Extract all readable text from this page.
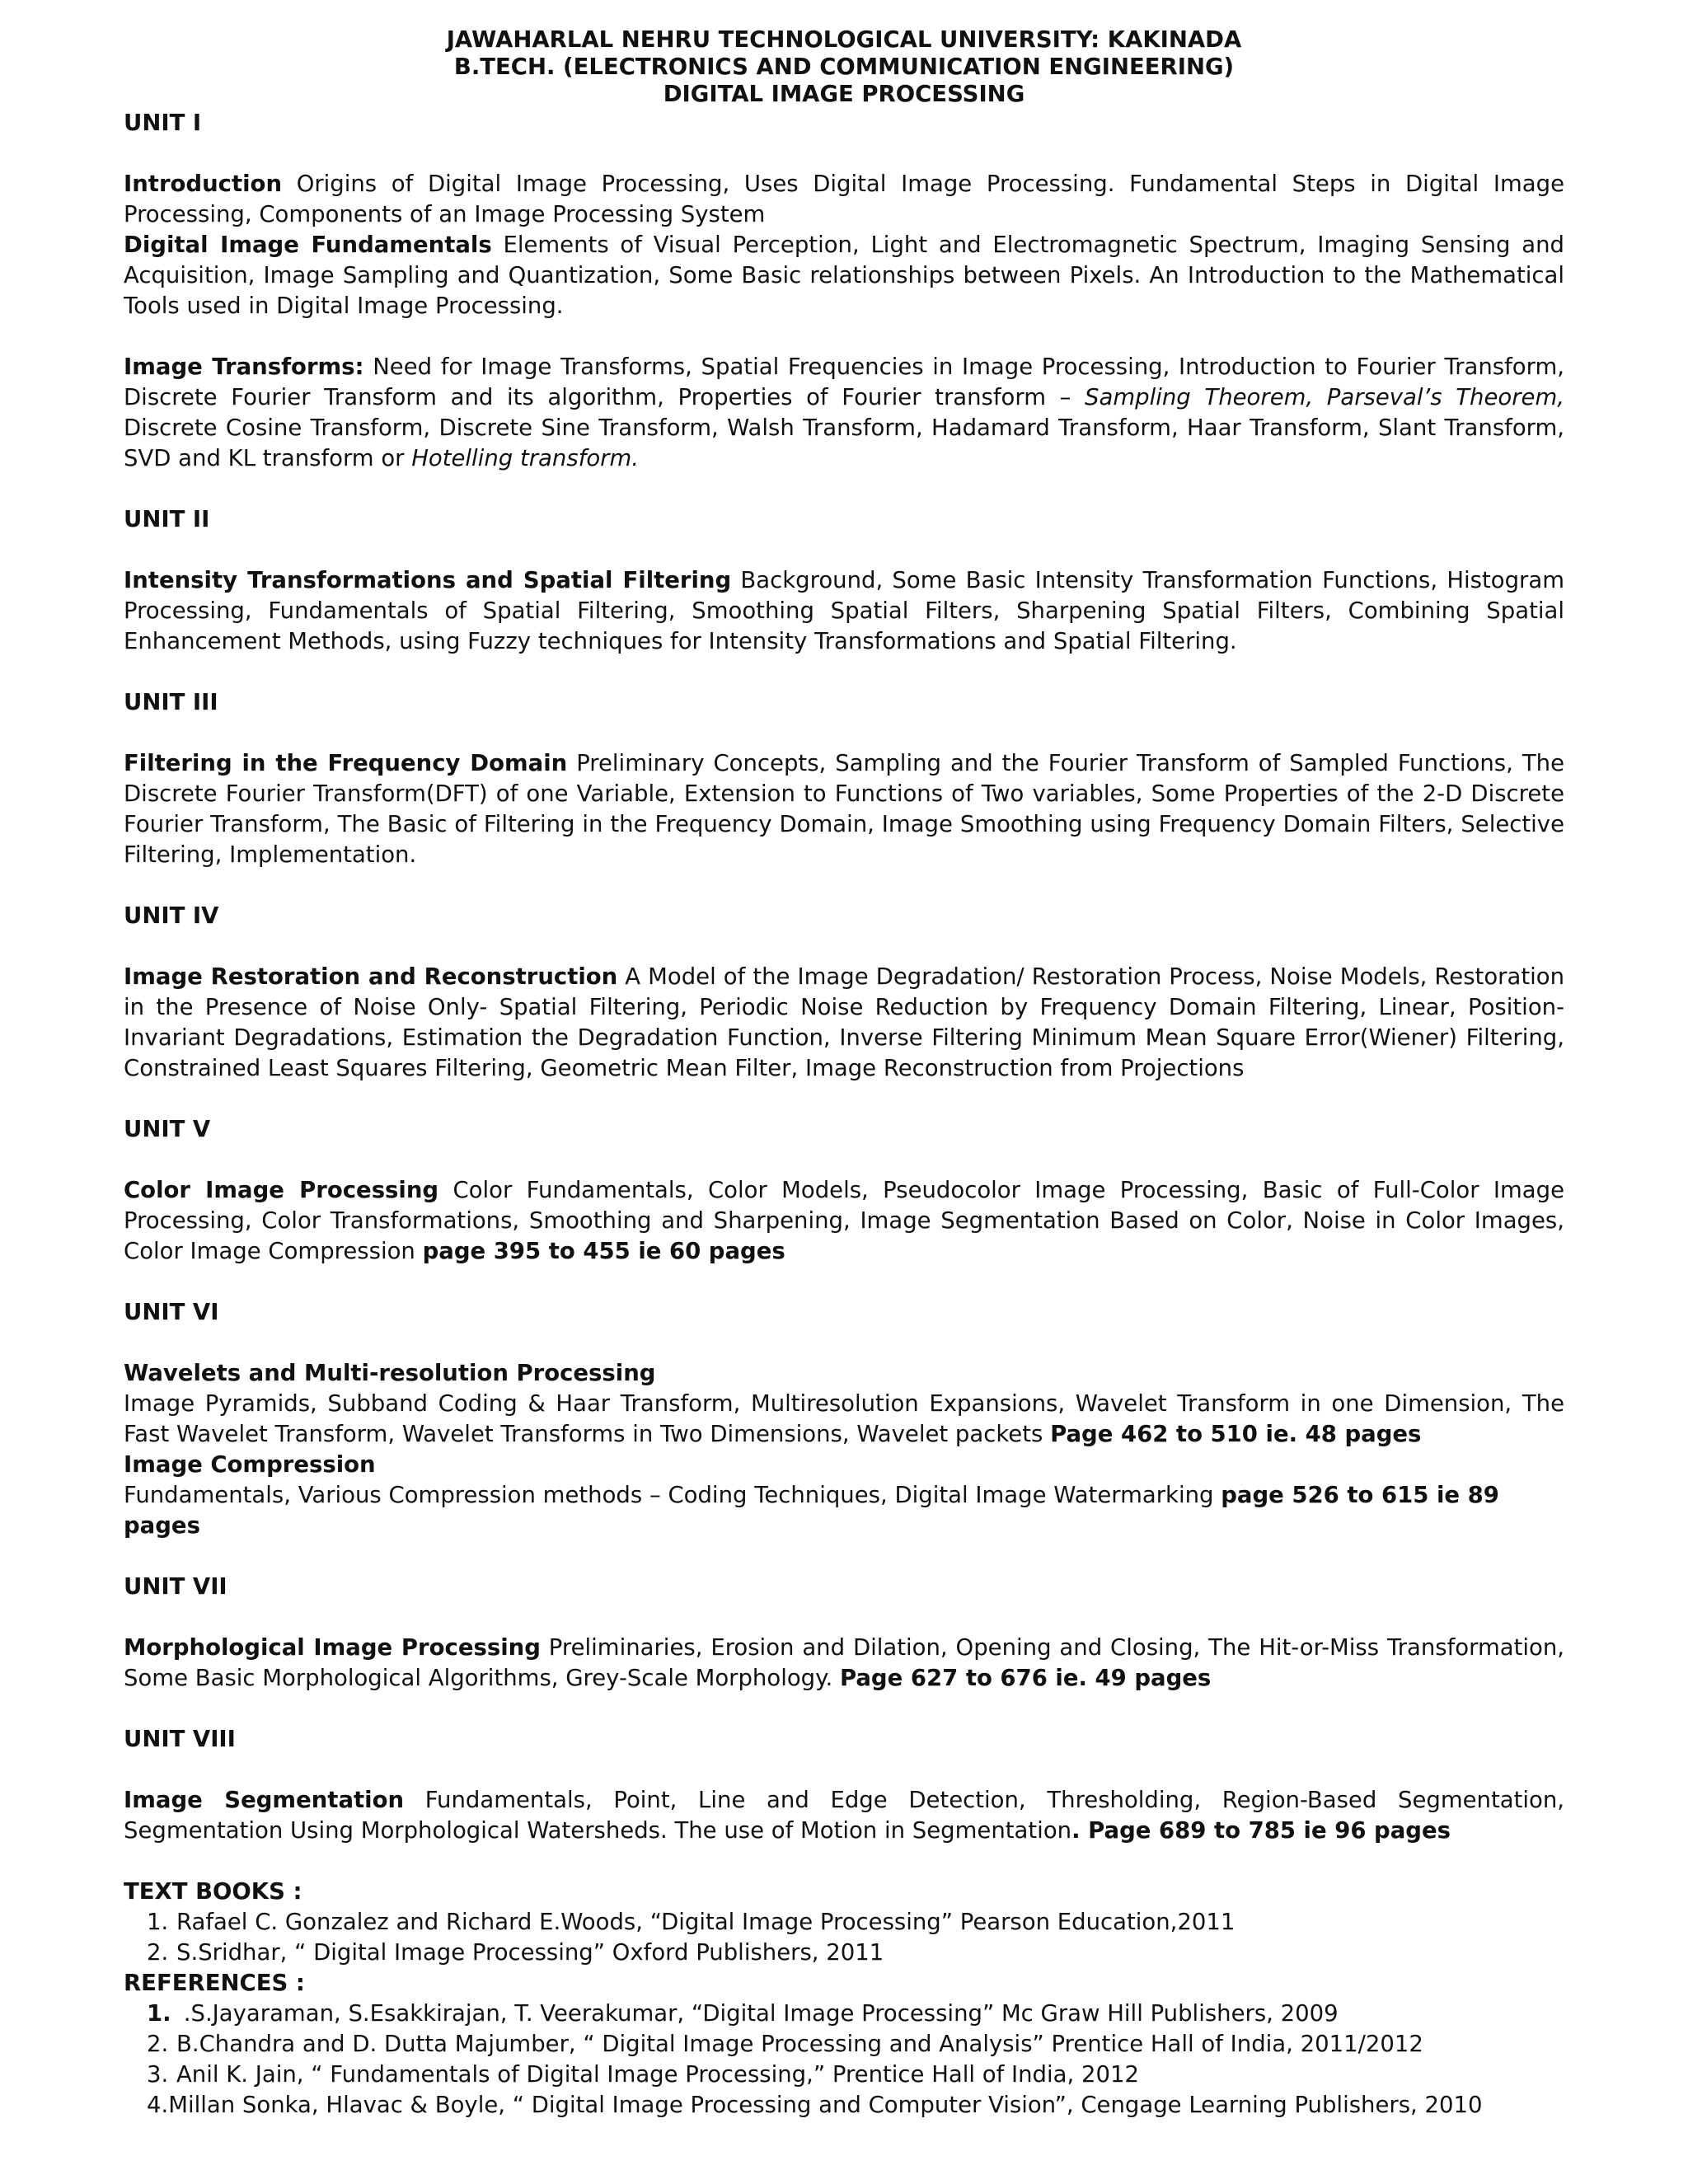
JAWAHARLAL NEHRU TECHNOLOGICAL UNIVERSITY: KAKINADA
B.TECH. (ELECTRONICS AND COMMUNICATION ENGINEERING)
DIGITAL IMAGE PROCESSING
UNIT I

Introduction Origins of Digital Image Processing, Uses Digital Image Processing. Fundamental Steps in Digital Image Processing, Components of an Image Processing System

Digital Image Fundamentals Elements of Visual Perception, Light and Electromagnetic Spectrum, Imaging Sensing and Acquisition, Image Sampling and Quantization, Some Basic relationships between Pixels. An Introduction to the Mathematical Tools used in Digital Image Processing.

Image Transforms: Need for Image Transforms, Spatial Frequencies in Image Processing, Introduction to Fourier Transform, Discrete Fourier Transform and its algorithm, Properties of Fourier transform – Sampling Theorem, Parseval’s Theorem, Discrete Cosine Transform, Discrete Sine Transform, Walsh Transform, Hadamard Transform, Haar Transform, Slant Transform, SVD and KL transform or Hotelling transform.

UNIT II

Intensity Transformations and Spatial Filtering Background, Some Basic Intensity Transformation Functions, Histogram Processing, Fundamentals of Spatial Filtering, Smoothing Spatial Filters, Sharpening Spatial Filters, Combining Spatial Enhancement Methods, using Fuzzy techniques for Intensity Transformations and Spatial Filtering.

UNIT III

Filtering in the Frequency Domain Preliminary Concepts, Sampling and the Fourier Transform of Sampled Functions, The Discrete Fourier Transform(DFT) of one Variable, Extension to Functions of Two variables, Some Properties of the 2-D Discrete Fourier Transform, The Basic of Filtering in the Frequency Domain, Image Smoothing using Frequency Domain Filters, Selective Filtering, Implementation.

UNIT IV

Image Restoration and Reconstruction A Model of the Image Degradation/ Restoration Process, Noise Models, Restoration in the Presence of Noise Only- Spatial Filtering, Periodic Noise Reduction by Frequency Domain Filtering, Linear, Position-Invariant Degradations, Estimation the Degradation Function, Inverse Filtering Minimum Mean Square Error(Wiener) Filtering, Constrained Least Squares Filtering, Geometric Mean Filter, Image Reconstruction from Projections

UNIT V

Color Image Processing Color Fundamentals, Color Models, Pseudocolor Image Processing, Basic of Full-Color Image Processing, Color Transformations, Smoothing and Sharpening, Image Segmentation Based on Color, Noise in Color Images, Color Image Compression page 395 to 455 ie 60 pages

UNIT VI
Wavelets and Multi-resolution Processing

Image Pyramids, Subband Coding & Haar Transform, Multiresolution Expansions, Wavelet Transform in one Dimension, The Fast Wavelet Transform, Wavelet Transforms in Two Dimensions, Wavelet packets Page 462 to 510 ie. 48 pages

Image Compression

Fundamentals, Various Compression methods – Coding Techniques, Digital Image Watermarking page 526 to 615 ie 89 pages

UNIT VII

Morphological Image Processing Preliminaries, Erosion and Dilation, Opening and Closing, The Hit-or-Miss Transformation, Some Basic Morphological Algorithms, Grey-Scale Morphology. Page 627 to 676 ie. 49 pages

UNIT VIII

Image Segmentation Fundamentals, Point, Line and Edge Detection, Thresholding, Region-Based Segmentation, Segmentation Using Morphological Watersheds. The use of Motion in Segmentation. Page 689 to 785 ie 96 pages

TEXT BOOKS :
1. Rafael C. Gonzalez and Richard E.Woods, “Digital Image Processing” Pearson Education,2011
2. S.Sridhar, “ Digital Image Processing” Oxford Publishers, 2011
REFERENCES :
1. .S.Jayaraman, S.Esakkirajan, T. Veerakumar, “Digital Image Processing” Mc Graw Hill Publishers, 2009
2. B.Chandra and D. Dutta Majumber, “ Digital Image Processing and Analysis” Prentice Hall of India, 2011/2012
3. Anil K. Jain, “ Fundamentals of Digital Image Processing,” Prentice Hall of India, 2012
4.Millan Sonka, Hlavac & Boyle, “ Digital Image Processing and Computer Vision”, Cengage Learning Publishers, 2010
